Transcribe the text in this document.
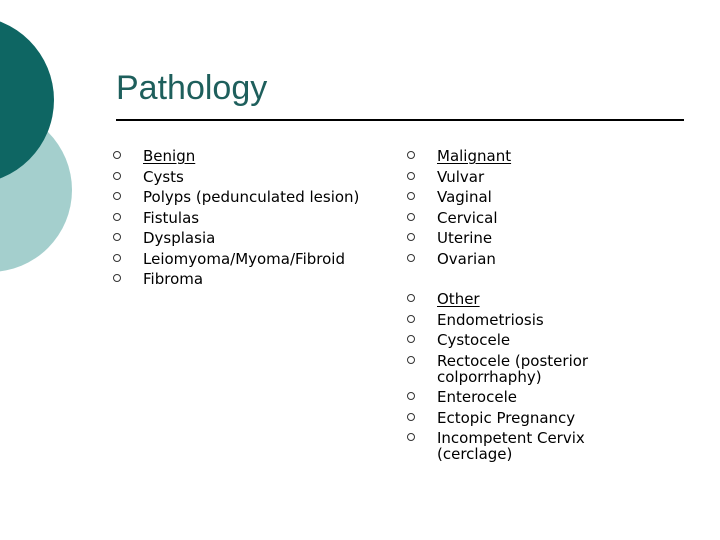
Pathology
Benign
Cysts
Polyps (pedunculated lesion)
Fistulas
Dysplasia
Leiomyoma/Myoma/Fibroid
Fibroma
Malignant
Vulvar
Vaginal
Cervical
Uterine
Ovarian
Other
Endometriosis
Cystocele
Rectocele (posterior colporrhaphy)
Enterocele
Ectopic Pregnancy
Incompetent Cervix (cerclage)
